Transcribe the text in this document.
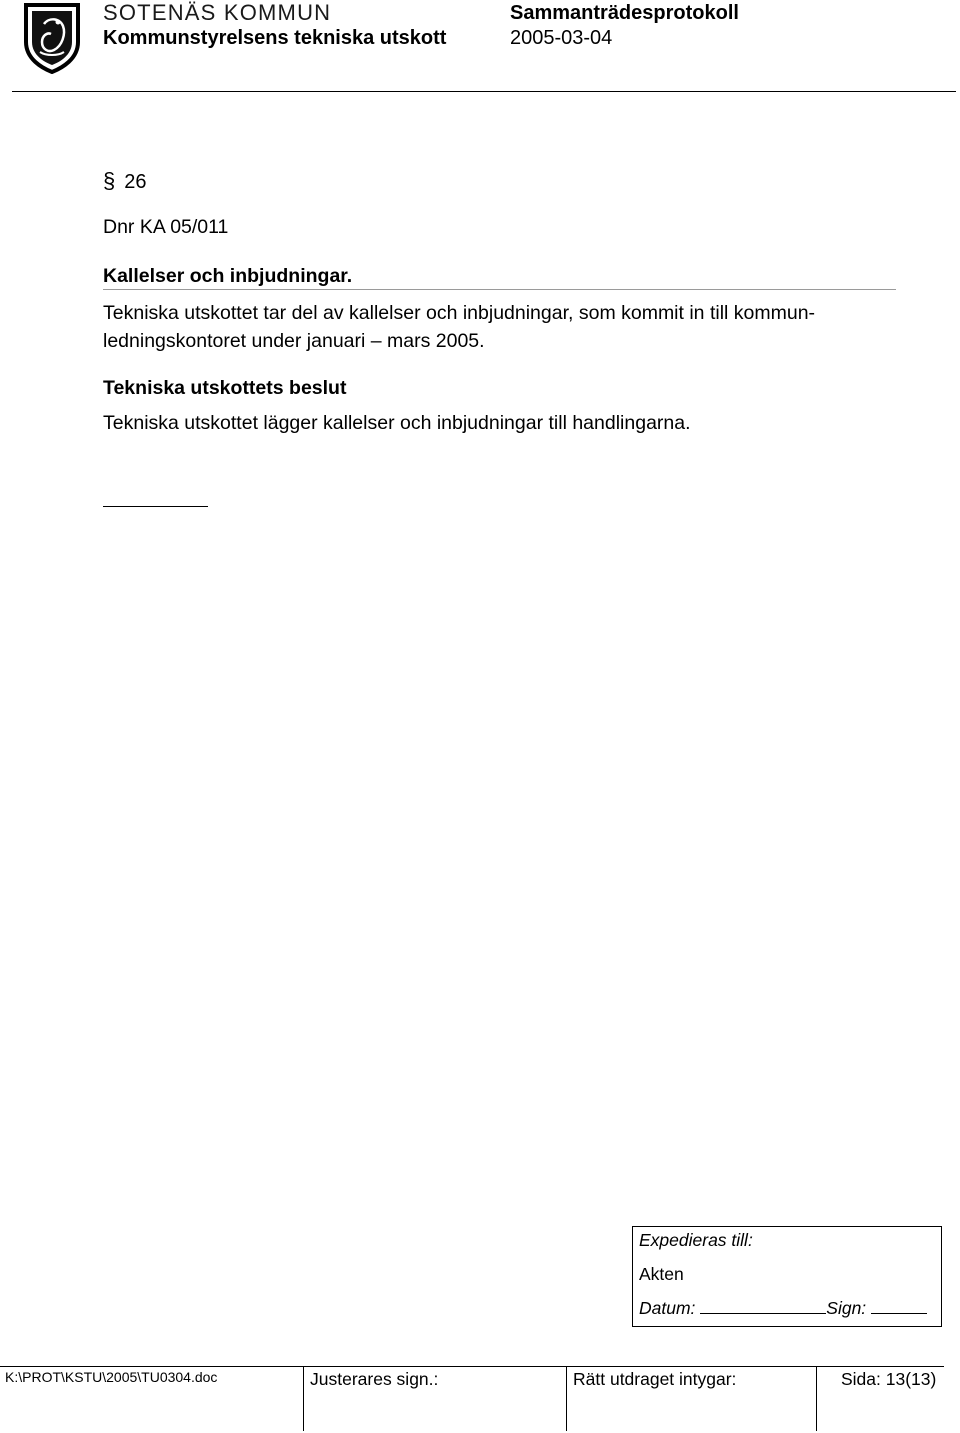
SOTENÄS KOMMUN
Kommunstyrelsens tekniska utskott
Sammanträdesprotokoll
2005-03-04
§ 26
Dnr KA 05/011
Kallelser och inbjudningar.
Tekniska utskottet tar del av kallelser och inbjudningar, som kommit in till kommun-
ledningskontoret under januari – mars 2005.
Tekniska utskottets beslut
Tekniska utskottet lägger kallelser och inbjudningar till handlingarna.
Expedieras till:
Akten
Datum:	Sign:
K:\PROT\KSTU\2005\TU0304.doc	Justerares sign.:	Rätt utdraget intygar:	Sida: 13(13)
